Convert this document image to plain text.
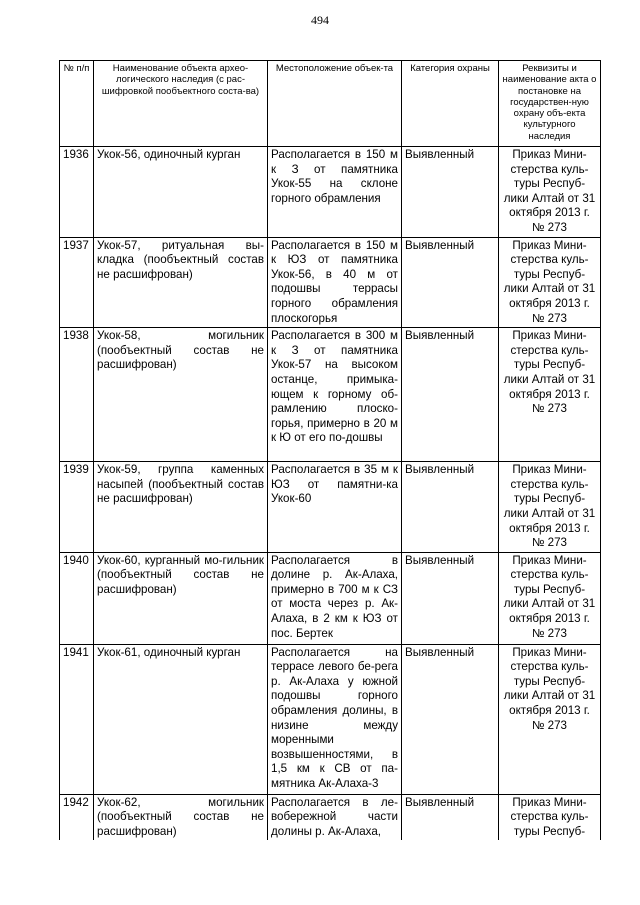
494
№ п/п	Наименование объекта архео-логического наследия (с рас-шифровкой пообъектного соста-ва)	Местоположение объек-та	Категория охраны	Реквизиты и наименование акта о постановке на государствен-ную охрану объ-екта культурного наследия
1936	Укок-56, одиночный курган	Располагается в 150 м к З от памятника Укок-55 на склоне горного обрамления	Выявленный	Приказ Мини-стерства куль-туры Респуб-лики Алтай от 31 октября 2013 г. № 273
1937	Укок-57, ритуальная вы-кладка (пообъектный состав не расшифрован)	Располагается в 150 м к ЮЗ от памятника Укок-56, в 40 м от подошвы террасы горного обрамления плоскогорья	Выявленный	Приказ Мини-стерства куль-туры Респуб-лики Алтай от 31 октября 2013 г. № 273
1938	Укок-58, могильник (пообъектный состав не расшифрован)	Располагается в 300 м к З от памятника Укок-57 на высоком останце, примыка-ющем к горному об-рамлению плоско-горья, примерно в 20 м к Ю от его по-дошвы	Выявленный	Приказ Мини-стерства куль-туры Респуб-лики Алтай от 31 октября 2013 г. № 273
1939	Укок-59, группа каменных насыпей (пообъектный состав не расшифрован)	Располагается в 35 м к ЮЗ от памятни-ка Укок-60	Выявленный	Приказ Мини-стерства куль-туры Респуб-лики Алтай от 31 октября 2013 г. № 273
1940	Укок-60, курганный мо-гильник (пообъектный состав не расшифрован)	Располагается в долине р. Ак-Алаха, примерно в 700 м к СЗ от моста через р. Ак-Алаха, в 2 км к ЮЗ от пос. Бертек	Выявленный	Приказ Мини-стерства куль-туры Респуб-лики Алтай от 31 октября 2013 г. № 273
1941	Укок-61, одиночный курган	Располагается на террасе левого бе-рега р. Ак-Алаха у южной подошвы горного обрамления долины, в низине между моренными возвышенностями, в 1,5 км к СВ от па-мятника Ак-Алаха-3	Выявленный	Приказ Мини-стерства куль-туры Респуб-лики Алтай от 31 октября 2013 г. № 273
1942	Укок-62, могильник (пообъектный состав не расшифрован)	Располагается в ле-вобережной части долины р. Ак-Алаха,	Выявленный	Приказ Мини-стерства куль-туры Респуб-
